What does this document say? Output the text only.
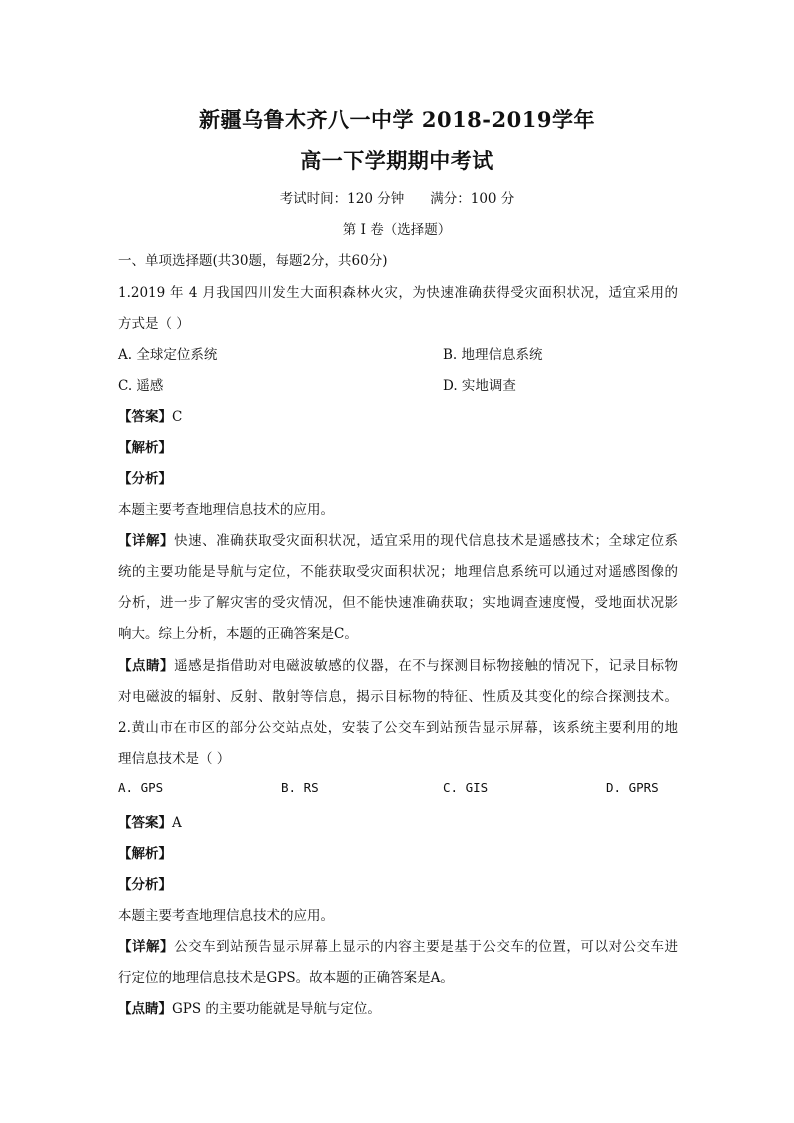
新疆乌鲁木齐八一中学 2018-2019学年
高一下学期期中考试
考试时间：120 分钟 满分：100 分
第 I 卷（选择题）
一、单项选择题(共30题，每题2分，共60分)
1.2019 年 4 月我国四川发生大面积森林火灾，为快速准确获得受灾面积状况，适宜采用的
方式是（ ）
A. 全球定位系统	B. 地理信息系统
C. 遥感	D. 实地调查
【答案】C
【解析】
【分析】
本题主要考查地理信息技术的应用。
【详解】快速、准确获取受灾面积状况，适宜采用的现代信息技术是遥感技术；全球定位系
统的主要功能是导航与定位，不能获取受灾面积状况；地理信息系统可以通过对遥感图像的
分析，进一步了解灾害的受灾情况，但不能快速准确获取；实地调查速度慢，受地面状况影
响大。综上分析，本题的正确答案是C。
【点睛】遥感是指借助对电磁波敏感的仪器，在不与探测目标物接触的情况下，记录目标物
对电磁波的辐射、反射、散射等信息，揭示目标物的特征、性质及其变化的综合探测技术。
2.黄山市在市区的部分公交站点处，安装了公交车到站预告显示屏幕，该系统主要利用的地
理信息技术是（ ）
A. GPS	B. RS	C. GIS	D. GPRS
【答案】A
【解析】
【分析】
本题主要考查地理信息技术的应用。
【详解】公交车到站预告显示屏幕上显示的内容主要是基于公交车的位置，可以对公交车进
行定位的地理信息技术是GPS。故本题的正确答案是A。
【点睛】GPS 的主要功能就是导航与定位。
